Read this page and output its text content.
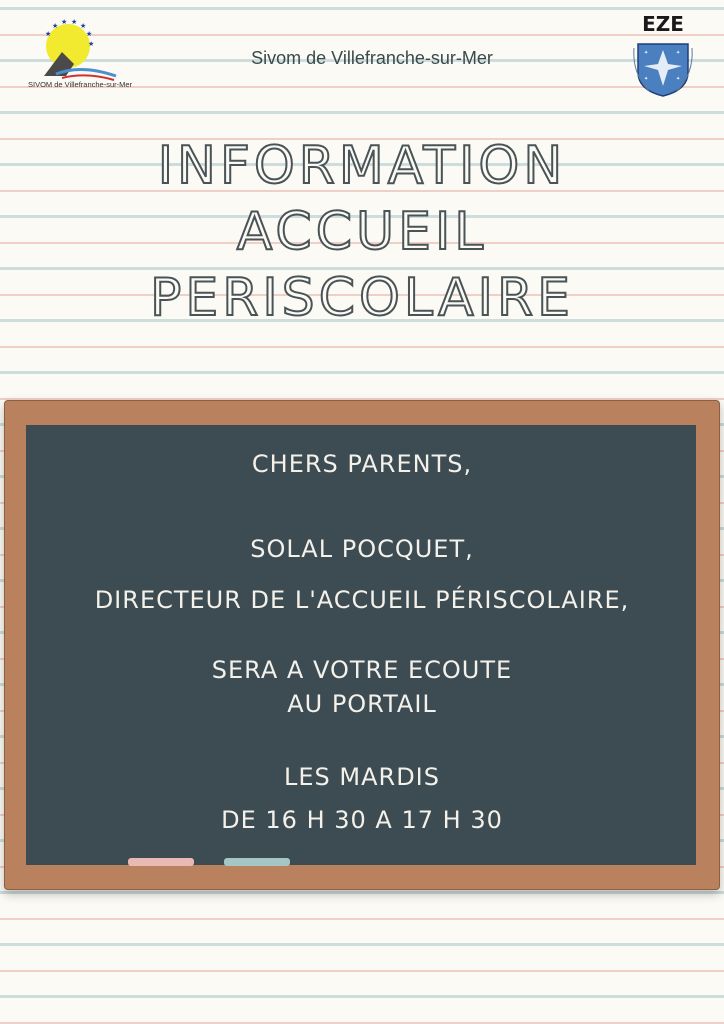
★ ★ ★ ★
★
★
★
SIVOM de Villefranche-sur-Mer
Sivom de Villefranche-sur-Mer	✦	✦
✦	✦
EZE
INFORMATION
ACCUEIL
PERISCOLAIRE
CHERS PARENTS,
SOLAL POCQUET,
DIRECTEUR DE L'ACCUEIL PÉRISCOLAIRE,
SERA A VOTRE ECOUTE
AU PORTAIL
LES MARDIS
DE 16 H 30 A 17 H 30
